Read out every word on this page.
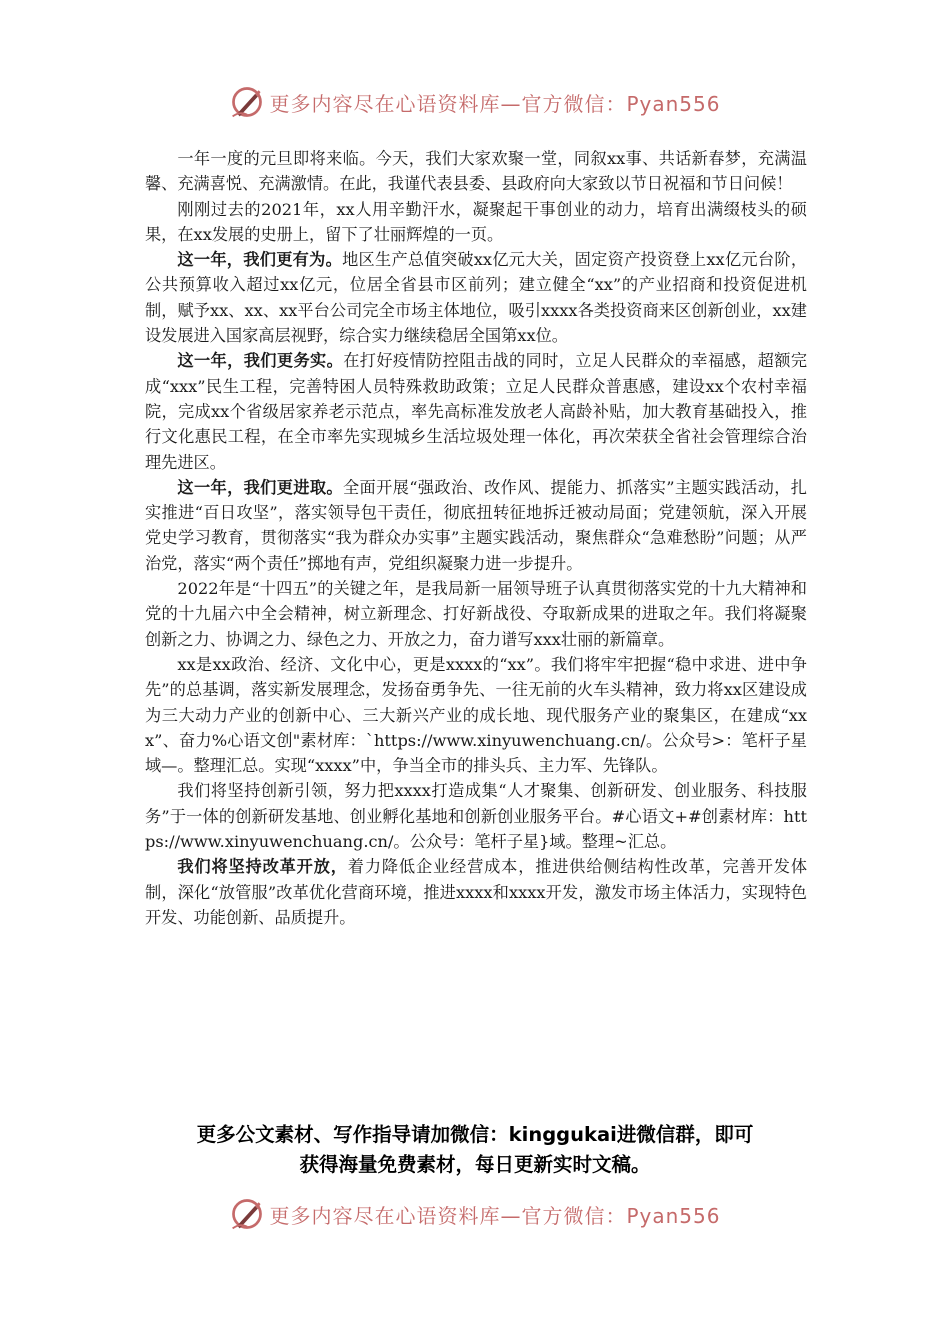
更多内容尽在心语资料库—官方微信：Pyan556

一年一度的元旦即将来临。今天，我们大家欢聚一堂，同叙xx事、共话新春梦，充满温馨、充满喜悦、充满激情。在此，我谨代表县委、县政府向大家致以节日祝福和节日问候！

刚刚过去的2021年，xx人用辛勤汗水，凝聚起干事创业的动力，培育出满缀枝头的硕果，在xx发展的史册上，留下了壮丽辉煌的一页。

这一年，我们更有为。地区生产总值突破xx亿元大关，固定资产投资登上xx亿元台阶，公共预算收入超过xx亿元，位居全省县市区前列；建立健全“xx”的产业招商和投资促进机制，赋予xx、xx、xx平台公司完全市场主体地位，吸引xxxx各类投资商来区创新创业，xx建设发展进入国家高层视野，综合实力继续稳居全国第xx位。

这一年，我们更务实。在打好疫情防控阻击战的同时，立足人民群众的幸福感，超额完成“xxx”民生工程，完善特困人员特殊救助政策；立足人民群众普惠感，建设xx个农村幸福院，完成xx个省级居家养老示范点，率先高标准发放老人高龄补贴，加大教育基础投入，推行文化惠民工程，在全市率先实现城乡生活垃圾处理一体化，再次荣获全省社会管理综合治理先进区。

这一年，我们更进取。全面开展“强政治、改作风、提能力、抓落实”主题实践活动，扎实推进“百日攻坚”，落实领导包干责任，彻底扭转征地拆迁被动局面；党建领航，深入开展党史学习教育，贯彻落实“我为群众办实事”主题实践活动，聚焦群众“急难愁盼”问题；从严治党，落实“两个责任”掷地有声，党组织凝聚力进一步提升。

2022年是“十四五”的关键之年，是我局新一届领导班子认真贯彻落实党的十九大精神和党的十九届六中全会精神，树立新理念、打好新战役、夺取新成果的进取之年。我们将凝聚创新之力、协调之力、绿色之力、开放之力，奋力谱写xxx壮丽的新篇章。

xx是xx政治、经济、文化中心，更是xxxx的“xx”。我们将牢牢把握“稳中求进、进中争先”的总基调，落实新发展理念，发扬奋勇争先、一往无前的火车头精神，致力将xx区建设成为三大动力产业的创新中心、三大新兴产业的成长地、现代服务产业的聚集区，在建成“xxx”、奋力%心语文创"素材库：`https://www.xinyuwenchuang.cn/。公众号>：笔杆子星域—。整理汇总。实现“xxxx”中，争当全市的排头兵、主力军、先锋队。

我们将坚持创新引领，努力把xxxx打造成集“人才聚集、创新研发、创业服务、科技服务”于一体的创新研发基地、创业孵化基地和创新创业服务平台。#心语文+#创素材库：https://www.xinyuwenchuang.cn/。公众号：笔杆子星}域。整理~汇总。

我们将坚持改革开放，着力降低企业经营成本，推进供给侧结构性改革，完善开发体制，深化“放管服”改革优化营商环境，推进xxxx和xxxx开发，激发市场主体活力，实现特色开发、功能创新、品质提升。

更多公文素材、写作指导请加微信：kinggukai进微信群，即可
获得海量免费素材，每日更新实时文稿。
更多内容尽在心语资料库—官方微信：Pyan556
